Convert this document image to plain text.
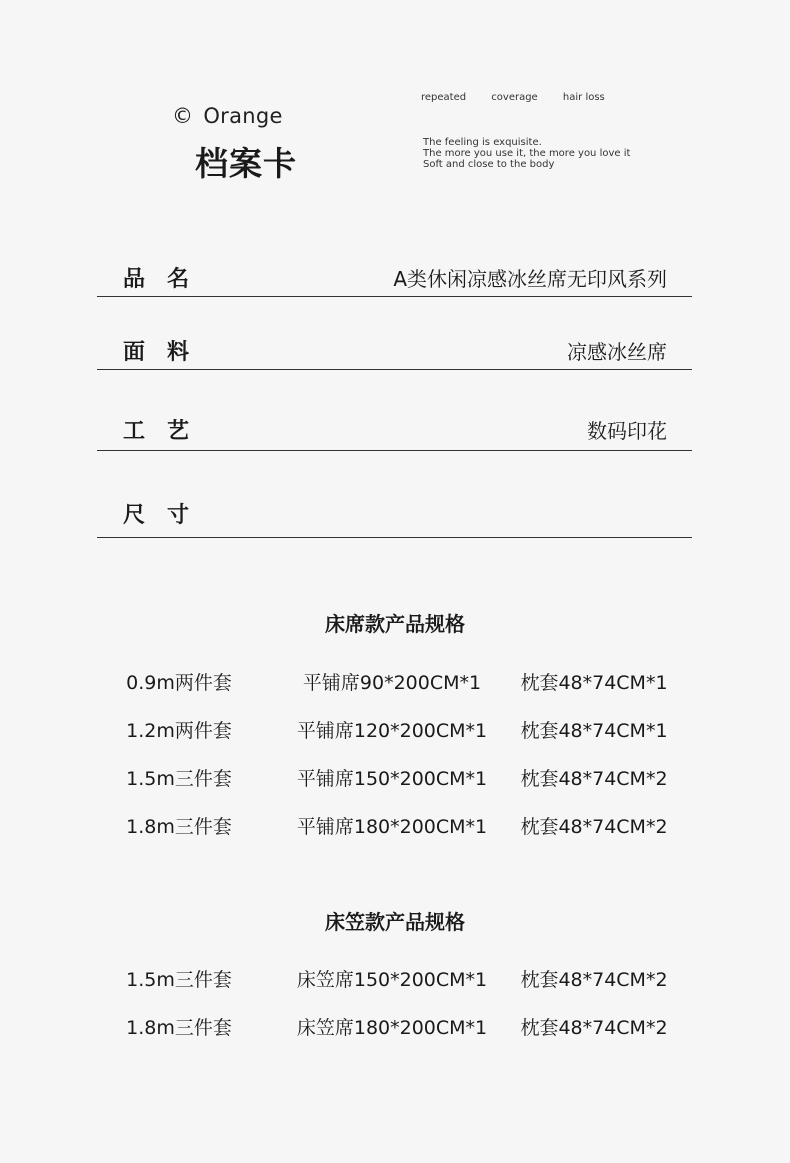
© Orange
档案卡
repeated	coverage	hair loss
The feeling is exquisite.
The more you use it, the more you love it
Soft and close to the body
品名	A类休闲凉感冰丝席无印风系列
面料	凉感冰丝席
工艺	数码印花
尺寸
床席款产品规格
0.9m两件套	平铺席90*200CM*1	枕套48*74CM*1
1.2m两件套	平铺席120*200CM*1	枕套48*74CM*1
1.5m三件套	平铺席150*200CM*1	枕套48*74CM*2
1.8m三件套	平铺席180*200CM*1	枕套48*74CM*2
床笠款产品规格
1.5m三件套	床笠席150*200CM*1	枕套48*74CM*2
1.8m三件套	床笠席180*200CM*1	枕套48*74CM*2
